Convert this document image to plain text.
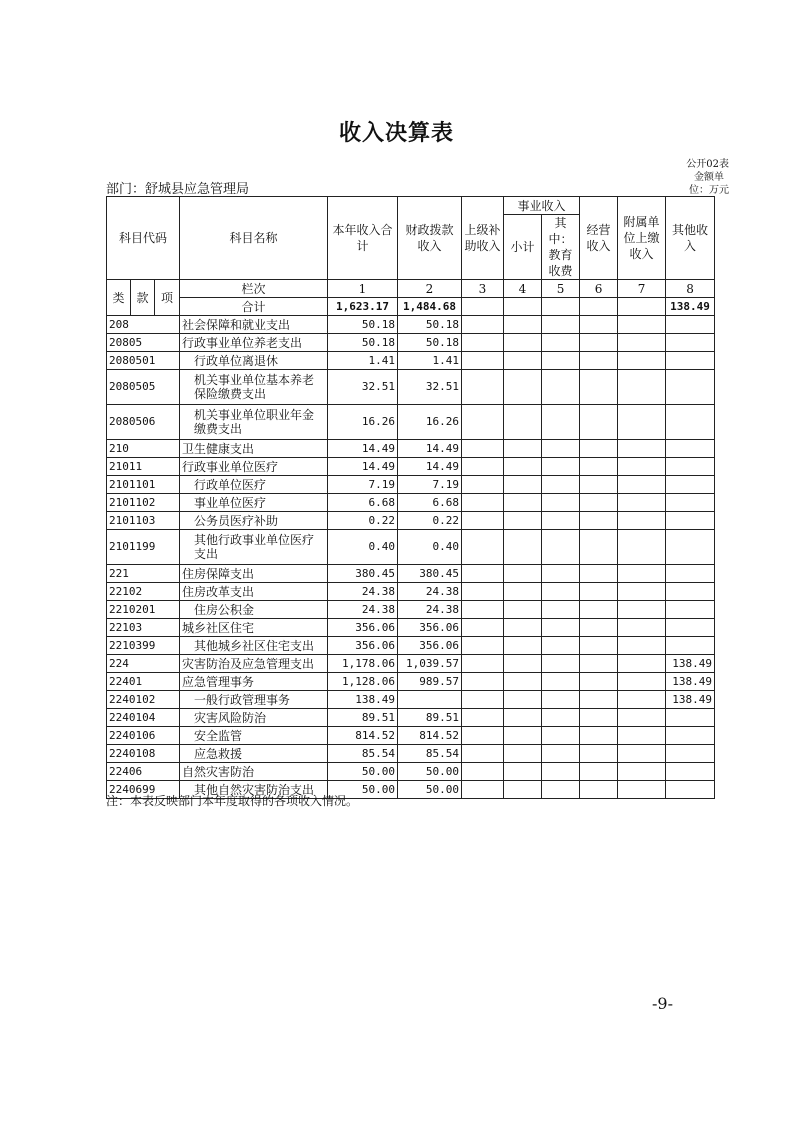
收入决算表
公开02表
金额单位：万元
部门：舒城县应急管理局
科目代码			科目名称	本年收入合计	财政拨款收入	上级补助收入	事业收入		经营收入	附属单位上缴收入	其他收入
							小计	其中：教育收费			

类	款	项	栏次	1	2	3	4	5	6	7	8
			合计	1,623.17	1,484.68						138.49
208			社会保障和就业支出	50.18	50.18						
20805			行政事业单位养老支出	50.18	50.18						
2080501			行政单位离退休	1.41	1.41						
2080505			机关事业单位基本养老保险缴费支出	32.51	32.51						
2080506			机关事业单位职业年金缴费支出	16.26	16.26						
210			卫生健康支出	14.49	14.49						
21011			行政事业单位医疗	14.49	14.49						
2101101			行政单位医疗	7.19	7.19						
2101102			事业单位医疗	6.68	6.68						
2101103			公务员医疗补助	0.22	0.22						
2101199			其他行政事业单位医疗支出	0.40	0.40						
221			住房保障支出	380.45	380.45						
22102			住房改革支出	24.38	24.38						
2210201			住房公积金	24.38	24.38						
22103			城乡社区住宅	356.06	356.06						
2210399			其他城乡社区住宅支出	356.06	356.06						
224			灾害防治及应急管理支出	1,178.06	1,039.57						138.49
22401			应急管理事务	1,128.06	989.57						138.49
2240102			一般行政管理事务	138.49							138.49
2240104			灾害风险防治	89.51	89.51						
2240106			安全监管	814.52	814.52						
2240108			应急救援	85.54	85.54						
22406			自然灾害防治	50.00	50.00						
2240699			其他自然灾害防治支出	50.00	50.00						
注：本表反映部门本年度取得的各项收入情况。
-9-
